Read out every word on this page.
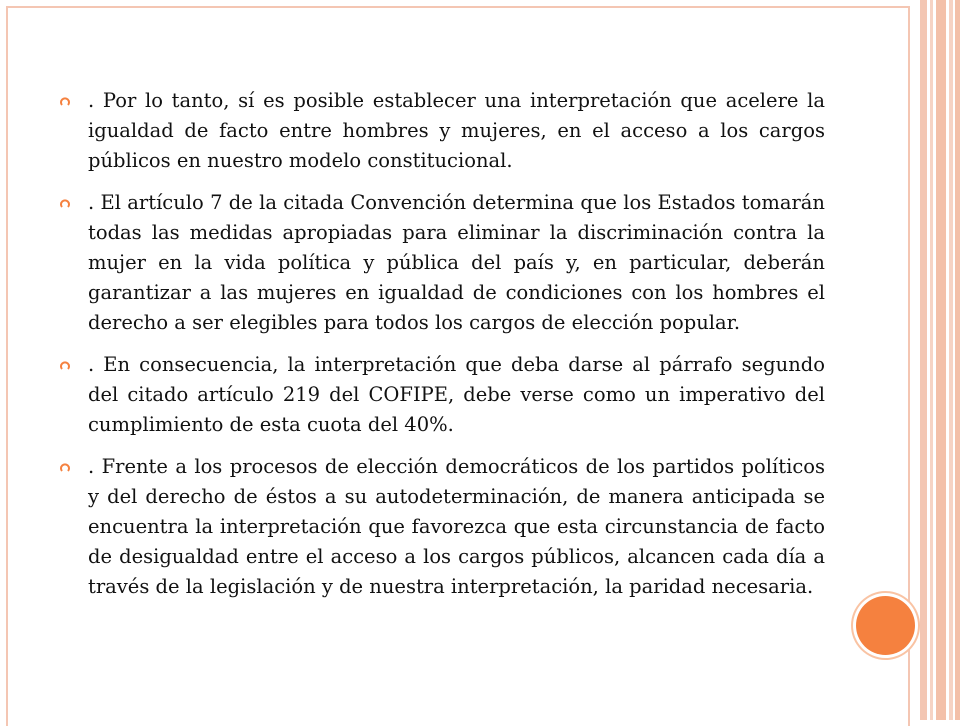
. Por lo tanto, sí es posible establecer una interpretación que acelere la igualdad de facto entre hombres y mujeres, en el acceso a los cargos públicos en nuestro modelo constitucional.

. El artículo 7 de la citada Convención determina que los Estados tomarán todas las medidas apropiadas para eliminar la discriminación contra la mujer en la vida política y pública del país y, en particular, deberán garantizar a las mujeres en igualdad de condiciones con los hombres el derecho a ser elegibles para todos los cargos de elección popular.

. En consecuencia, la interpretación que deba darse al párrafo segundo del citado artículo 219 del COFIPE, debe verse como un imperativo del cumplimiento de esta cuota del 40%.

. Frente a los procesos de elección democráticos de los partidos políticos y del derecho de éstos a su autodeterminación, de manera anticipada se encuentra la interpretación que favorezca que esta circunstancia de facto de desigualdad entre el acceso a los cargos públicos, alcancen cada día a través de la legislación y de nuestra interpretación, la paridad necesaria.
